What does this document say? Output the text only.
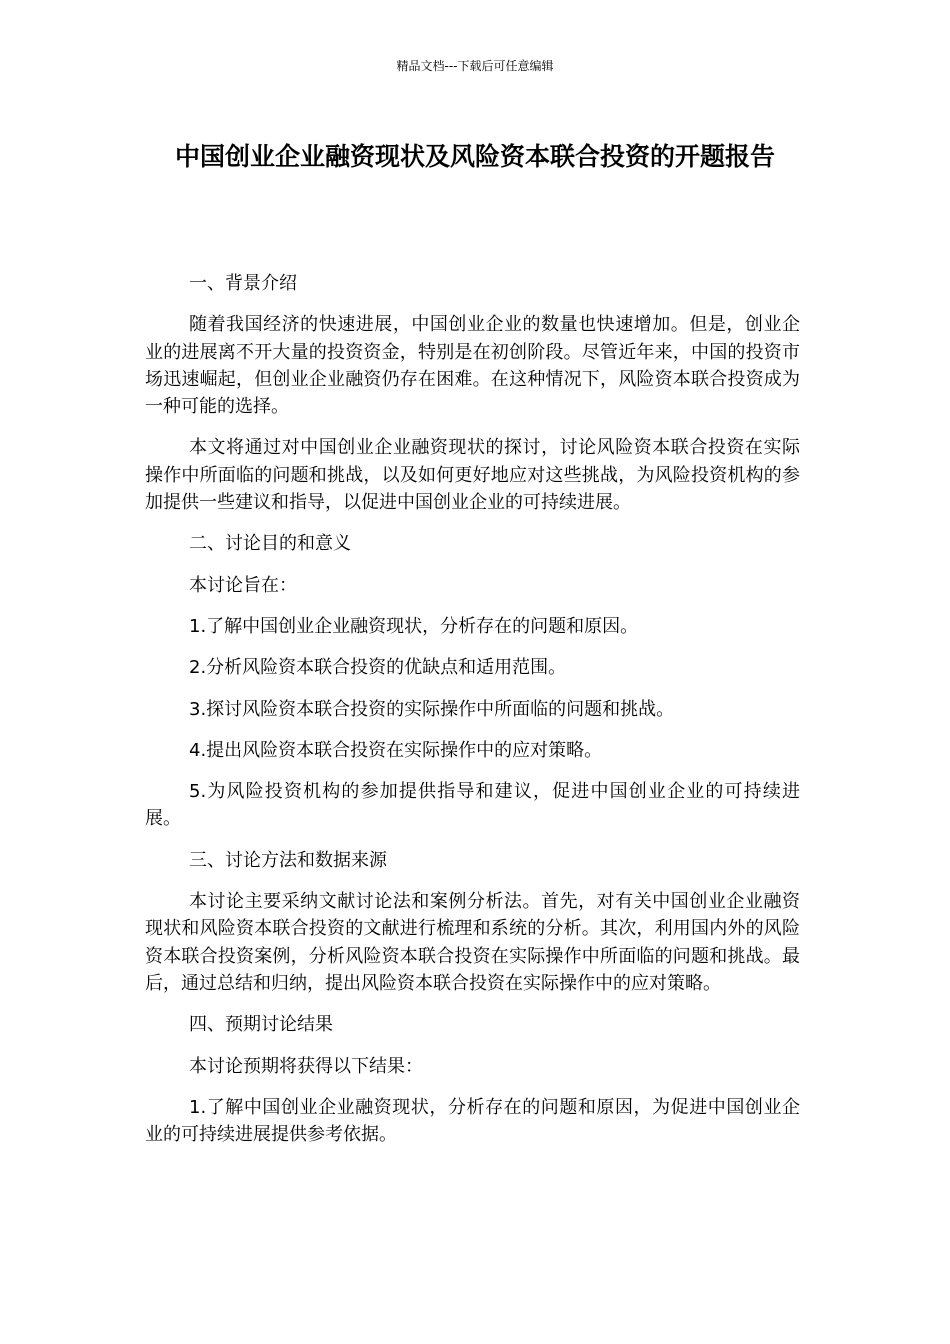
精品文档---下载后可任意编辑
中国创业企业融资现状及风险资本联合投资的开题报告

一、背景介绍

随着我国经济的快速进展，中国创业企业的数量也快速增加。但是，创业企业的进展离不开大量的投资资金，特别是在初创阶段。尽管近年来，中国的投资市场迅速崛起，但创业企业融资仍存在困难。在这种情况下，风险资本联合投资成为一种可能的选择。

本文将通过对中国创业企业融资现状的探讨，讨论风险资本联合投资在实际操作中所面临的问题和挑战，以及如何更好地应对这些挑战，为风险投资机构的参加提供一些建议和指导，以促进中国创业企业的可持续进展。

二、讨论目的和意义

本讨论旨在：

1.了解中国创业企业融资现状，分析存在的问题和原因。

2.分析风险资本联合投资的优缺点和适用范围。

3.探讨风险资本联合投资的实际操作中所面临的问题和挑战。

4.提出风险资本联合投资在实际操作中的应对策略。

5.为风险投资机构的参加提供指导和建议，促进中国创业企业的可持续进展。

三、讨论方法和数据来源

本讨论主要采纳文献讨论法和案例分析法。首先，对有关中国创业企业融资现状和风险资本联合投资的文献进行梳理和系统的分析。其次，利用国内外的风险资本联合投资案例，分析风险资本联合投资在实际操作中所面临的问题和挑战。最后，通过总结和归纳，提出风险资本联合投资在实际操作中的应对策略。

四、预期讨论结果

本讨论预期将获得以下结果：

1.了解中国创业企业融资现状，分析存在的问题和原因，为促进中国创业企业的可持续进展提供参考依据。
